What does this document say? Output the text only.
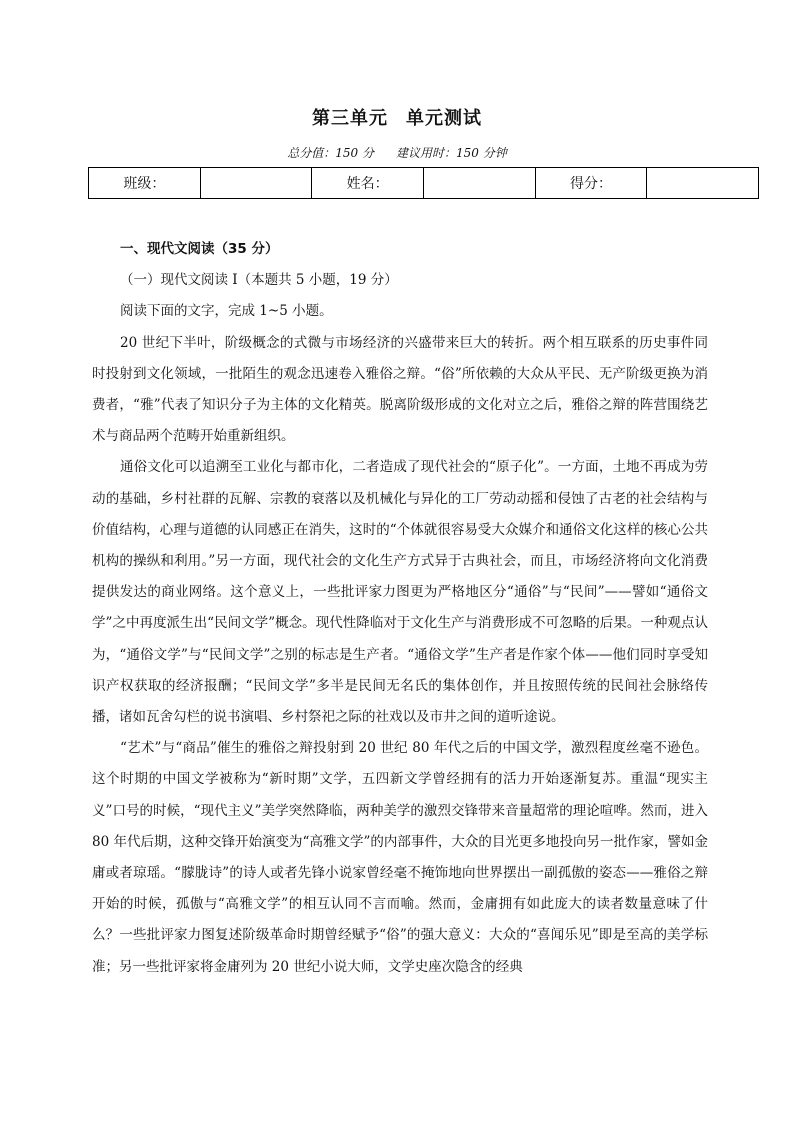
第三单元 单元测试
总分值：150 分 建议用时：150 分钟
班级：		姓名：		得分：	

一、现代文阅读（35 分）

（一）现代文阅读 I（本题共 5 小题，19 分）

阅读下面的文字，完成 1~5 小题。

20 世纪下半叶，阶级概念的式微与市场经济的兴盛带来巨大的转折。两个相互联系的历史事件同时投射到文化领域，一批陌生的观念迅速卷入雅俗之辩。“俗”所依赖的大众从平民、无产阶级更换为消费者，“雅”代表了知识分子为主体的文化精英。脱离阶级形成的文化对立之后，雅俗之辩的阵营围绕艺术与商品两个范畴开始重新组织。

通俗文化可以追溯至工业化与都市化，二者造成了现代社会的“原子化”。一方面，土地不再成为劳动的基础，乡村社群的瓦解、宗教的衰落以及机械化与异化的工厂劳动动摇和侵蚀了古老的社会结构与价值结构，心理与道德的认同感正在消失，这时的“个体就很容易受大众媒介和通俗文化这样的核心公共机构的操纵和利用。”另一方面，现代社会的文化生产方式异于古典社会，而且，市场经济将向文化消费提供发达的商业网络。这个意义上，一些批评家力图更为严格地区分“通俗”与“民间”——譬如“通俗文学”之中再度派生出“民间文学”概念。现代性降临对于文化生产与消费形成不可忽略的后果。一种观点认为，“通俗文学”与“民间文学”之别的标志是生产者。“通俗文学”生产者是作家个体——他们同时享受知识产权获取的经济报酬；“民间文学”多半是民间无名氏的集体创作，并且按照传统的民间社会脉络传播，诸如瓦舍勾栏的说书演唱、乡村祭祀之际的社戏以及市井之间的道听途说。

“艺术”与“商品”催生的雅俗之辩投射到 20 世纪 80 年代之后的中国文学，激烈程度丝毫不逊色。这个时期的中国文学被称为“新时期”文学，五四新文学曾经拥有的活力开始逐渐复苏。重温“现实主义”口号的时候，“现代主义”美学突然降临，两种美学的激烈交锋带来音量超常的理论喧哗。然而，进入 80 年代后期，这种交锋开始演变为“高雅文学”的内部事件，大众的目光更多地投向另一批作家，譬如金庸或者琼瑶。“朦胧诗”的诗人或者先锋小说家曾经毫不掩饰地向世界摆出一副孤傲的姿态——雅俗之辩开始的时候，孤傲与“高雅文学”的相互认同不言而喻。然而，金庸拥有如此庞大的读者数量意味了什么？一些批评家力图复述阶级革命时期曾经赋予“俗”的强大意义：大众的“喜闻乐见”即是至高的美学标准；另一些批评家将金庸列为 20 世纪小说大师，文学史座次隐含的经典
